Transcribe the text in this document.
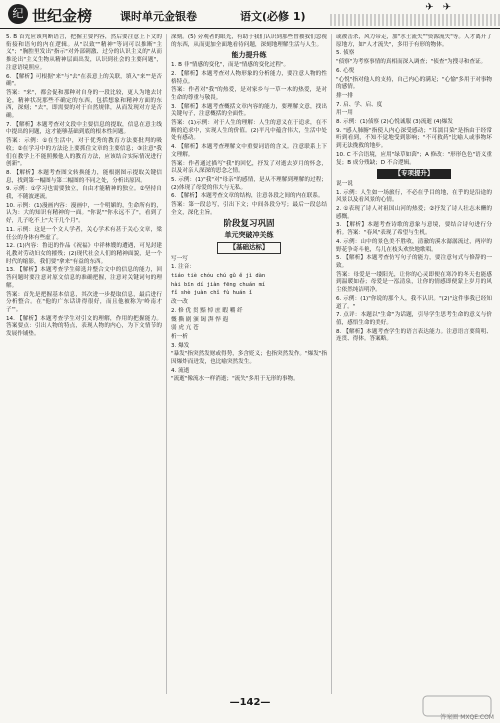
纪 世纪金榜	课时单元金银卷	语文(必修 1)
✈ ✈

5. B 首先应该判断语言，把握主要内容，然后要注意上下文的衔接和语句的内在逻辑。从"以致""精神"等词可以推断"主义"；"胸腔里发出"指示"对外部刺激、过分的认识主义的"从而推论出"主义生物从精神层面出发，认识到社会的主要问题"，注意语境照应。

6. 【解析】可根据"来"与"去"在表意上的关联，填入"来""是否确"。

答案："来"，都会促和那种对自身的一段比较，更人为地去讨论，精神状况那些不确定的东西，包括想象和精神方面的东西，深刻；"去"，即需要的对于自然规律，从而发现对方是否确。

7. 【解析】本题考查对文段中主要信息的提取，信息在意主线中提出的问题，这才能够基础到底的根本性问题。

答案：示例：①在生活中，对于优秀的教育方法要批判的吸收；②在学习中的方法论上要抓住文章的主要信息；③注意"我们在教学上不能照搬他人的教育方法，应该结合实际情况进行创新"。

8. 【解析】本题考查图文转换能力，能根据图示提取关键信息，找到第一幅图与第二幅图的不同之处，分析出原因。

9. 示例：①学习也需要独立，自由才能精神的独立。②坚持自我，不随波逐流。

10. 示例：(1)漫画内容：漫画中，一个明媚的，生命所有的，认为：大的知识有精神的一面。"你说""你永远不了"，看到了好，儿子吃不上"大干几个月"。

11. 示例：这是一个文人学者，关心学术有甚于关心文章，梁任公的身体有些虚了。

12. (1)内容：鲁迅的作品《祝福》中祥林嫂的遭遇，可见封建礼教对劳动妇女的摧残；(2)现代社会人们的精神面貌，是一个时代的缩影，我们要"拿来"有益的东西。

13. 【解析】本题考查学生筛选并整合文中的信息的能力，回答问题时要注意对原文信息的准确把握，注意对关键词句的理解。

答案：首先是把握基本信息，其次进一步提取信息，最后进行分析整合。在"他的广东话讲得很好，而且他被称为'岭南才子'"。

14. 【解析】本题考查学生对引文的理解，作用的把握能力。答案要点：引出人物的特点，表现人物的内心，为下文情节的发展作铺垫。

深刻。(5) 旁观者的眼光，有助于我们认识到那些曾被我们忽视的东西，从而更加全面地看待问题，深刻地理解生活与人生。

能力提升练

1. B 非"情感的变化"，而是"情感的变化过程"。

2. 【解析】本题考查对人物形象的分析能力，要注意人物的性格特点。

答案：作者对"我"的热爱，是对家乡与一草一木的热爱，是对生命的尊重与敬畏。

3. 【解析】本题考查概括文章内容的能力，要理解文意，找出关键句子，注意概括的全面性。

答案：(1)示例：对于人生的理解：人生的意义在于追求，在不断的追求中，实现人生的价值。(2)平凡中蕴含伟大，生活中处处有感动。

4. 【解析】本题考查理解文中重要词语的含义。注意联系上下文理解。

答案：作者通过描写"我"的回忆，抒发了对逝去岁月的怀念，以及对亲人深深的思念之情。

5. 示例：(1)"我"对"母亲"的感情，是从不理解到理解的过程；(2)体现了母爱的伟大与无私。

6. 【解析】本题考查文章的结构，注意各段之间的内在联系。

答案：第一段总写，引出下文；中间各段分写；最后一段总结全文，深化主旨。

阶段复习巩固
单元突破冲关练
【基础达标】

写一写

1. 注音：

tiáo tiè chóu chú gǔ ě jì dàn

hài bīn dí jiàn fēng chuán mí

fǐ shè juàn chǐ fù huán ǐ

改一改

2. 修 优 贯 黯 悼 庶 暇 嚼 纤

慨 撕 剧 颁 谒 湃 悍 遐

弱 虎 亢 苍

析一析

3. 爆发

"暴发"指突然发财或得势，多含贬义；也指突然发作。"爆发"指因爆炸而迸发，也比喻突然发生。

4. 流逝

"流逝"像流水一样消逝；"流失"多用于无形的事物。

或被击杀，风力带走，加"水土流失""资源流失"等。人才离开了原地方，如"人才流失"，多用于有形的物体。

5. 侦察

"侦察"为考察事情的真相而深入调查；"侦查"为搜寻和查证。

6. 心悦

"心悦"指对他人的支持，自己内心的满足；"心愉"多用于对事物的感情。

排一排

7. 启、学、启、度

用一用

8. 示例：(1)侦察 (2)心悦诚服 (3)流逝 (4)爆发

9. "感人肺腑"指使人内心深受感动；"耳濡目染"是指由于经常听到看到，不知不觉地受到影响；"不可救药"比喻人或事物坏到无法挽救的地步。

10. C 不合语境，应用"绿草如茵"；A 修改："形形色色"语义重复；B 成分残缺；D 不合逻辑。

【专项提升】

说一说

1. 示例：人生如一场旅行，不必在乎目的地，在乎的是沿途的风景以及看风景的心情。

2. ①表现了诗人对祖国山河的热爱；②抒发了诗人壮志未酬的感慨。

3. 【解析】本题考查诗歌的意象与意境，要结合诗句进行分析。答案："春风"表现了希望与生机。

4. 示例：山中的景色美不胜收，清澈的溪水潺潺流过，两岸的野花争奇斗艳，鸟儿在枝头欢快地歌唱。

5. 【解析】本题考查仿写句子的能力，要注意句式与修辞的一致。

答案：母爱是一缕阳光，让你的心灵即便在寒冷的冬天也能感到温暖如春；母爱是一泓清泉，让你的情感即便蒙上岁月的风尘依然纯洁明净。

6. 示例：(1)"你说的那个人，我不认识。"(2)"这件事我已经知道了。"

7. 点评：本题以"生命"为话题，引导学生思考生命的意义与价值，感悟生命的美好。

8. 【解析】本题考查学生的语言表达能力。注意语言要简明、连贯、得体。答案略。

—142—
答案圈 MXQE.COM
